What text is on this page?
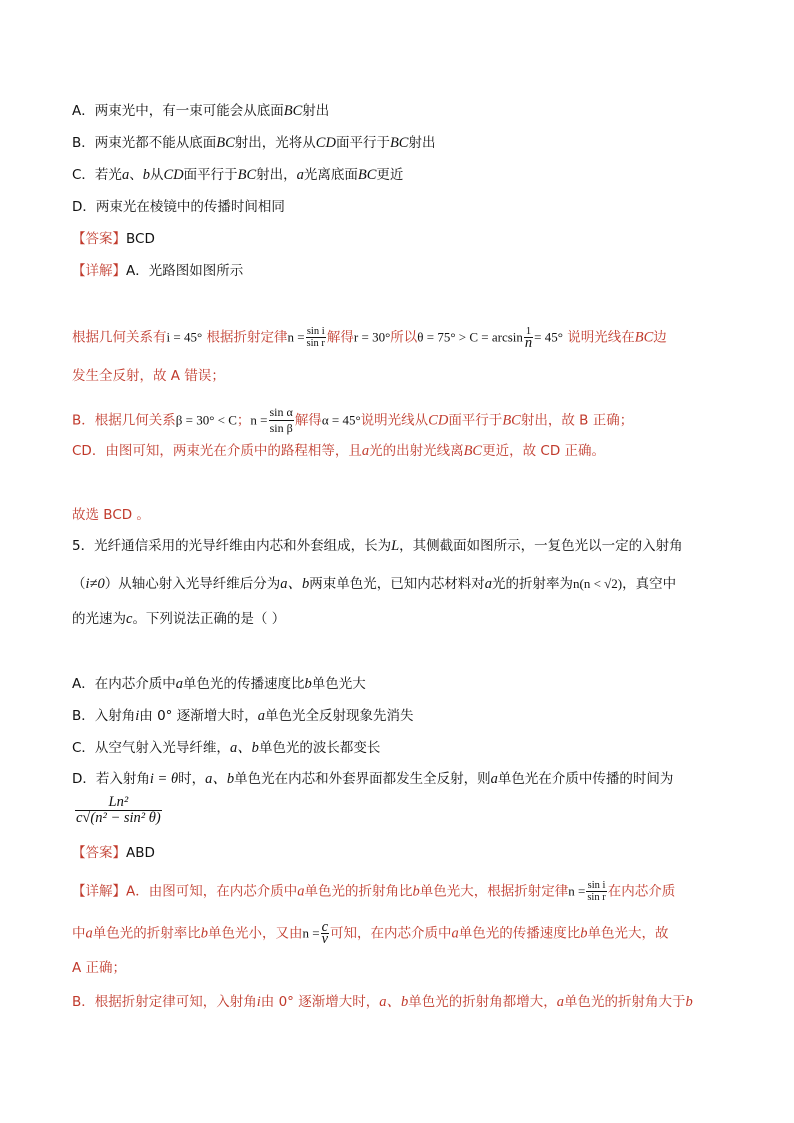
A．两束光中，有一束可能会从底面BC射出
B．两束光都不能从底面BC射出，光将从CD面平行于BC射出
C．若光a、b从CD面平行于BC射出，a光离底面BC更近
D．两束光在棱镜中的传播时间相同
【答案】BCD
【详解】A．光路图如图所示
根据几何关系有i = 45° 根据折射定律$n = \frac{\text{sin i}}{\text{sin r}}$ 解得r = 30°所以$\theta = 75^\circ > C = \arcsin \frac{1}{n} = 45^\circ$ 说明光线在BC边
发生全反射，故 A 错误；
B．根据几何关系β = 30° < C；$n = \frac{\text{sin α}}{\text{sin β}}$ 解得α = 45°说明光线从CD面平行于BC射出，故 B 正确；
CD．由图可知，两束光在介质中的路程相等，且a光的出射光线离BC更近，故 CD 正确。
故选 BCD 。
5．光纤通信采用的光导纤维由内芯和外套组成，长为L，其侧截面如图所示，一复色光以一定的入射角
（i≠0）从轴心射入光导纤维后分为a、b两束单色光，已知内芯材料对a光的折射率为n(n < √2)，真空中
的光速为c。下列说法正确的是（ ）
A．在内芯介质中a单色光的传播速度比b单色光大
B．入射角i由 0° 逐渐增大时，a单色光全反射现象先消失
C．从空气射入光导纤维，a、b单色光的波长都变长
D．若入射角i = θ时，a、b单色光在内芯和外套界面都发生全反射，则a单色光在介质中传播的时间为
$\frac{\text{Ln²}}{\text{c√(n² − sin² θ)}}$
【答案】ABD
【详解】A．由图可知，在内芯介质中a单色光的折射角比b单色光大，根据折射定律$n = \frac{\text{sin i}}{\text{sin r}}$ 在内芯介质
中a单色光的折射率比b单色光小，又由$n = \frac{c}{v}$ 可知，在内芯介质中a单色光的传播速度比b单色光大，故
A 正确；
B．根据折射定律可知，入射角i由 0° 逐渐增大时，a、b单色光的折射角都增大，a单色光的折射角大于b
